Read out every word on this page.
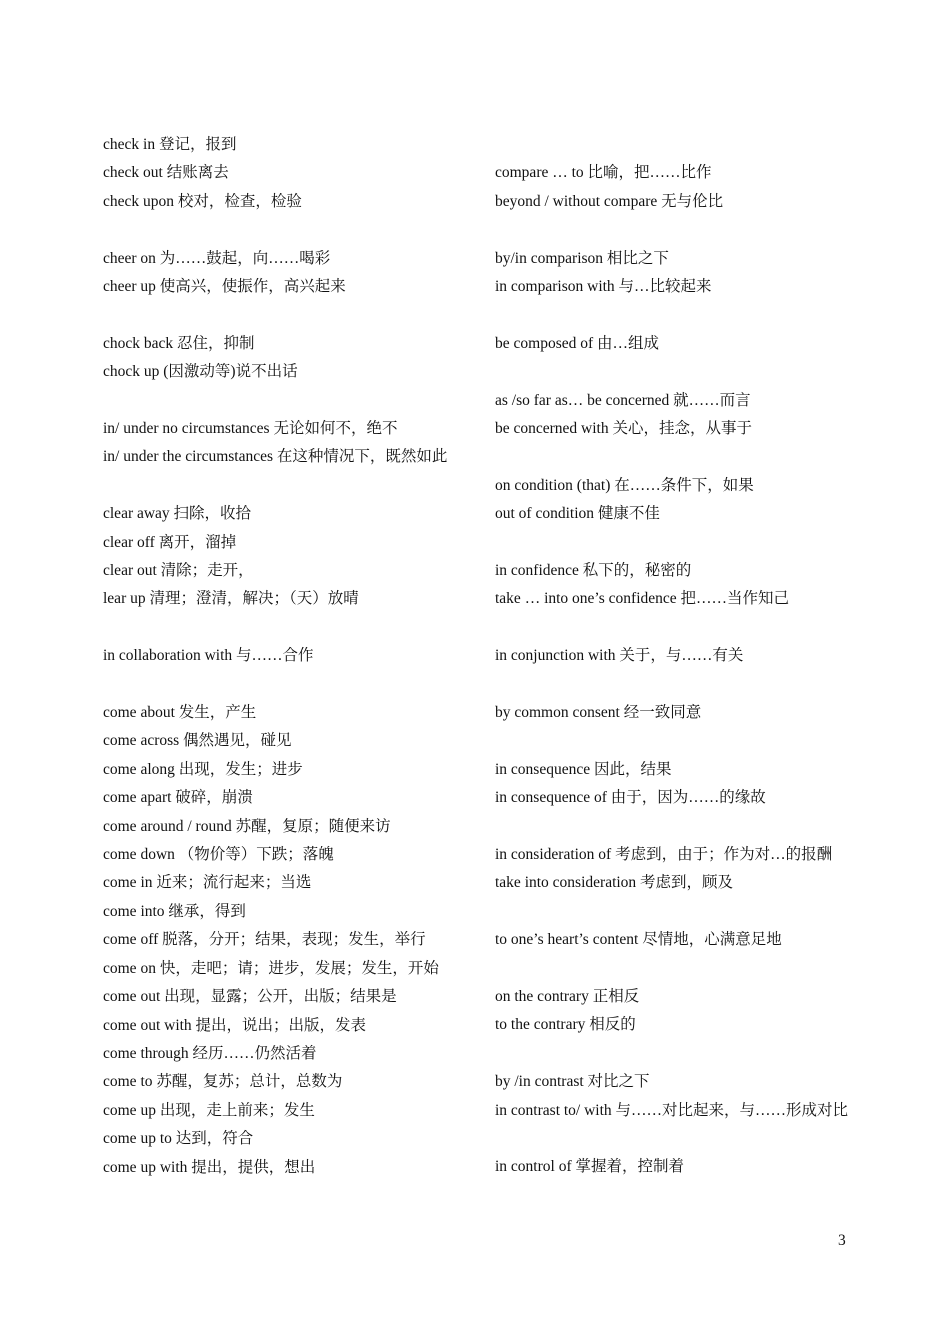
check in 登记，报到
check out 结账离去
check upon 校对，检查，检验
cheer on 为……鼓起，向……喝彩
cheer up 使高兴，使振作，高兴起来
chock back 忍住，抑制
chock up (因激动等)说不出话
in/ under no circumstances 无论如何不，绝不
in/ under the circumstances 在这种情况下，既然如此
clear away 扫除，收拾
clear off 离开，溜掉
clear out 清除；走开，
lear up 清理；澄清，解决；（天）放晴
in collaboration with 与……合作
come about 发生，产生
come across 偶然遇见，碰见
come along 出现，发生；进步
come apart 破碎，崩溃
come around / round 苏醒，复原；随便来访
come down （物价等）下跌；落魄
come in 近来；流行起来；当选
come into 继承，得到
come off 脱落，分开；结果，表现；发生，举行
come on 快，走吧；请；进步，发展；发生，开始
come out 出现，显露；公开，出版；结果是
come out with 提出，说出；出版，发表
come through 经历……仍然活着
come to 苏醒，复苏；总计，总数为
come up 出现，走上前来；发生
come up to 达到，符合
come up with 提出，提供，想出
compare … to 比喻，把……比作
beyond / without compare 无与伦比
by/in comparison 相比之下
in comparison with 与…比较起来
be composed of 由…组成
as /so far as… be concerned 就……而言
be concerned with 关心，挂念，从事于
on condition (that) 在……条件下，如果
out of condition 健康不佳
in confidence 私下的，秘密的
take … into one’s confidence 把……当作知己
in conjunction with 关于，与……有关
by common consent 经一致同意
in consequence 因此，结果
in consequence of 由于，因为……的缘故
in consideration of 考虑到，由于；作为对…的报酬
take into consideration 考虑到，顾及
to one’s heart’s content 尽情地，心满意足地
on the contrary 正相反
to the contrary 相反的
by /in contrast 对比之下
in contrast to/ with 与……对比起来，与……形成对比
in control of 掌握着，控制着
3
